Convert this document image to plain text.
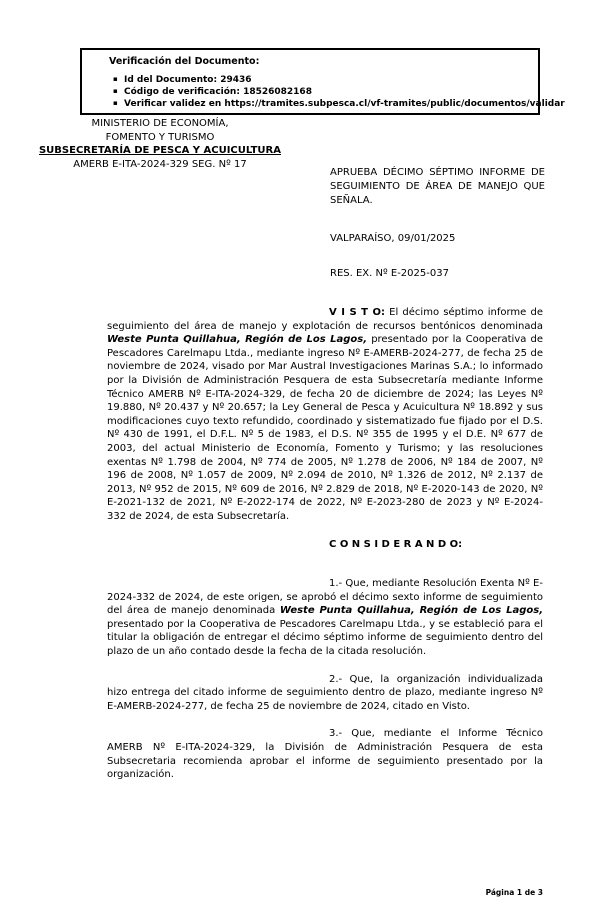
Verificación del Documento:
▪ Id del Documento: 29436
▪ Código de verificación: 18526082168
▪ Verificar validez en https://tramites.subpesca.cl/vf-tramites/public/documentos/validar
MINISTERIO DE ECONOMÍA,
FOMENTO Y TURISMO
SUBSECRETARÍA DE PESCA Y ACUICULTURA
AMERB E-ITA-2024-329 SEG. Nº 17
APRUEBA DÉCIMO SÉPTIMO INFORME DE SEGUIMIENTO DE ÁREA DE MANEJO QUE SEÑALA.
VALPARAÍSO, 09/01/2025
RES. EX. Nº E-2025-037

V I S T O: El décimo séptimo informe de seguimiento del área de manejo y explotación de recursos bentónicos denominada Weste Punta Quillahua, Región de Los Lagos, presentado por la Cooperativa de Pescadores Carelmapu Ltda., mediante ingreso Nº E-AMERB-2024-277, de fecha 25 de noviembre de 2024, visado por Mar Austral Investigaciones Marinas S.A.; lo informado por la División de Administración Pesquera de esta Subsecretaría mediante Informe Técnico AMERB Nº E-ITA-2024-329, de fecha 20 de diciembre de 2024; las Leyes Nº 19.880, Nº 20.437 y Nº 20.657; la Ley General de Pesca y Acuicultura Nº 18.892 y sus modificaciones cuyo texto refundido, coordinado y sistematizado fue fijado por el D.S. Nº 430 de 1991, el D.F.L. Nº 5 de 1983, el D.S. Nº 355 de 1995 y el D.E. Nº 677 de 2003, del actual Ministerio de Economía, Fomento y Turismo; y las resoluciones exentas Nº 1.798 de 2004, Nº 774 de 2005, Nº 1.278 de 2006, Nº 184 de 2007, Nº 196 de 2008, Nº 1.057 de 2009, Nº 2.094 de 2010, Nº 1.326 de 2012, Nº 2.137 de 2013, Nº 952 de 2015, Nº 609 de 2016, Nº 2.829 de 2018, Nº E-2020-143 de 2020, Nº E-2021-132 de 2021, Nº E-2022-174 de 2022, Nº E-2023-280 de 2023 y Nº E-2024-332 de 2024, de esta Subsecretaría.

C O N S I D E R A N D O:

1.- Que, mediante Resolución Exenta Nº E-2024-332 de 2024, de este origen, se aprobó el décimo sexto informe de seguimiento del área de manejo denominada Weste Punta Quillahua, Región de Los Lagos, presentado por la Cooperativa de Pescadores Carelmapu Ltda., y se estableció para el titular la obligación de entregar el décimo séptimo informe de seguimiento dentro del plazo de un año contado desde la fecha de la citada resolución.

2.- Que, la organización individualizada hizo entrega del citado informe de seguimiento dentro de plazo, mediante ingreso Nº E-AMERB-2024-277, de fecha 25 de noviembre de 2024, citado en Visto.

3.- Que, mediante el Informe Técnico AMERB Nº E-ITA-2024-329, la División de Administración Pesquera de esta Subsecretaria recomienda aprobar el informe de seguimiento presentado por la organización.

Página 1 de 3
